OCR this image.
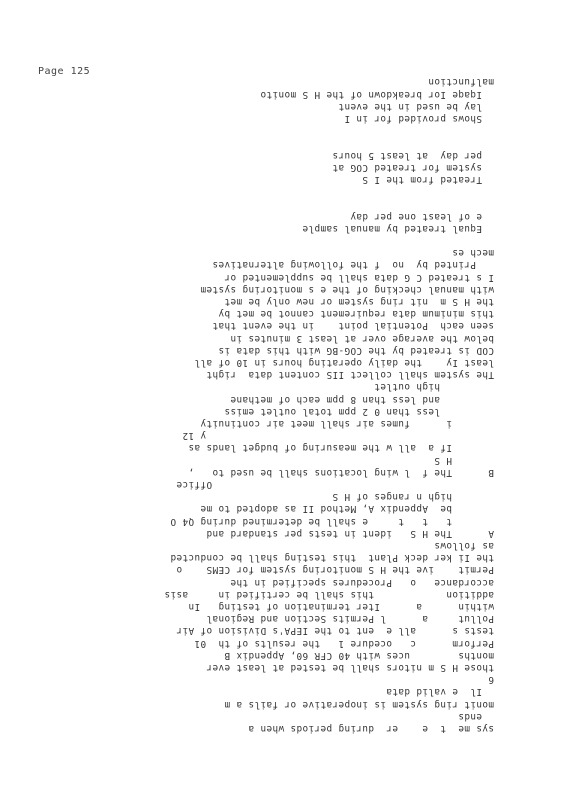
Page 125
sys me  t  e    er  during periods when a
ends
monit ring system is inoperative or fails a m
Il  e valid data
6
those H S m nitors shall be tested at least ever
months        uces with 40 CFR 60, Appendix B
Perform      c   ocedure 1   the results of th  01
tests s      all e  ent to the IEPA's Division of Air
Pollut     a      l Permits Section and Regional
within      a      Iter termination of testing   In
addition            this shall be certified in     asis
accordance   o   Procedures specified in the
Permit    ive the H S monitoring system for CEMS    o
the Ii ker deck Plant  this testing shall be conducted
as follows
A      The H S   ident in tests per standard and
t   t   t     e shall be determined during Q4 O
be  Appendix A, Method II as adopted to me
high n ranges of H S
Office
B      The f  l wing locations shall be used to   ,
H S
If a  all w the measuring of budget lands as
y 12
i      fumes air shall meet air continuity
less than 0 2 ppm total outlet emiss
and less than 8 ppm each of methane
high outlet
The system shall collect IIS content data  right
least Iy    the daily operating hours in 10 of all
COD is treated by the COG-BG with this data is
below the average over at least 3 minutes in
seen each  Potential point    in the event that
this minimum data requirement cannot be met by
the H S m  nit ring system or new only be met
with manual checking of the e s monitoring system
I s treated C G data shall be supplemented or
Printed by  no  f the following alternatives
mech es
Equal treated by manual sample
e of least one per day
Treated from the I S
system for treated COG at
per day  at least 5 hours
Shows provided for in I
lay be used in the event
Iqaqe Ior breakdown of the H S monito
malfunction
